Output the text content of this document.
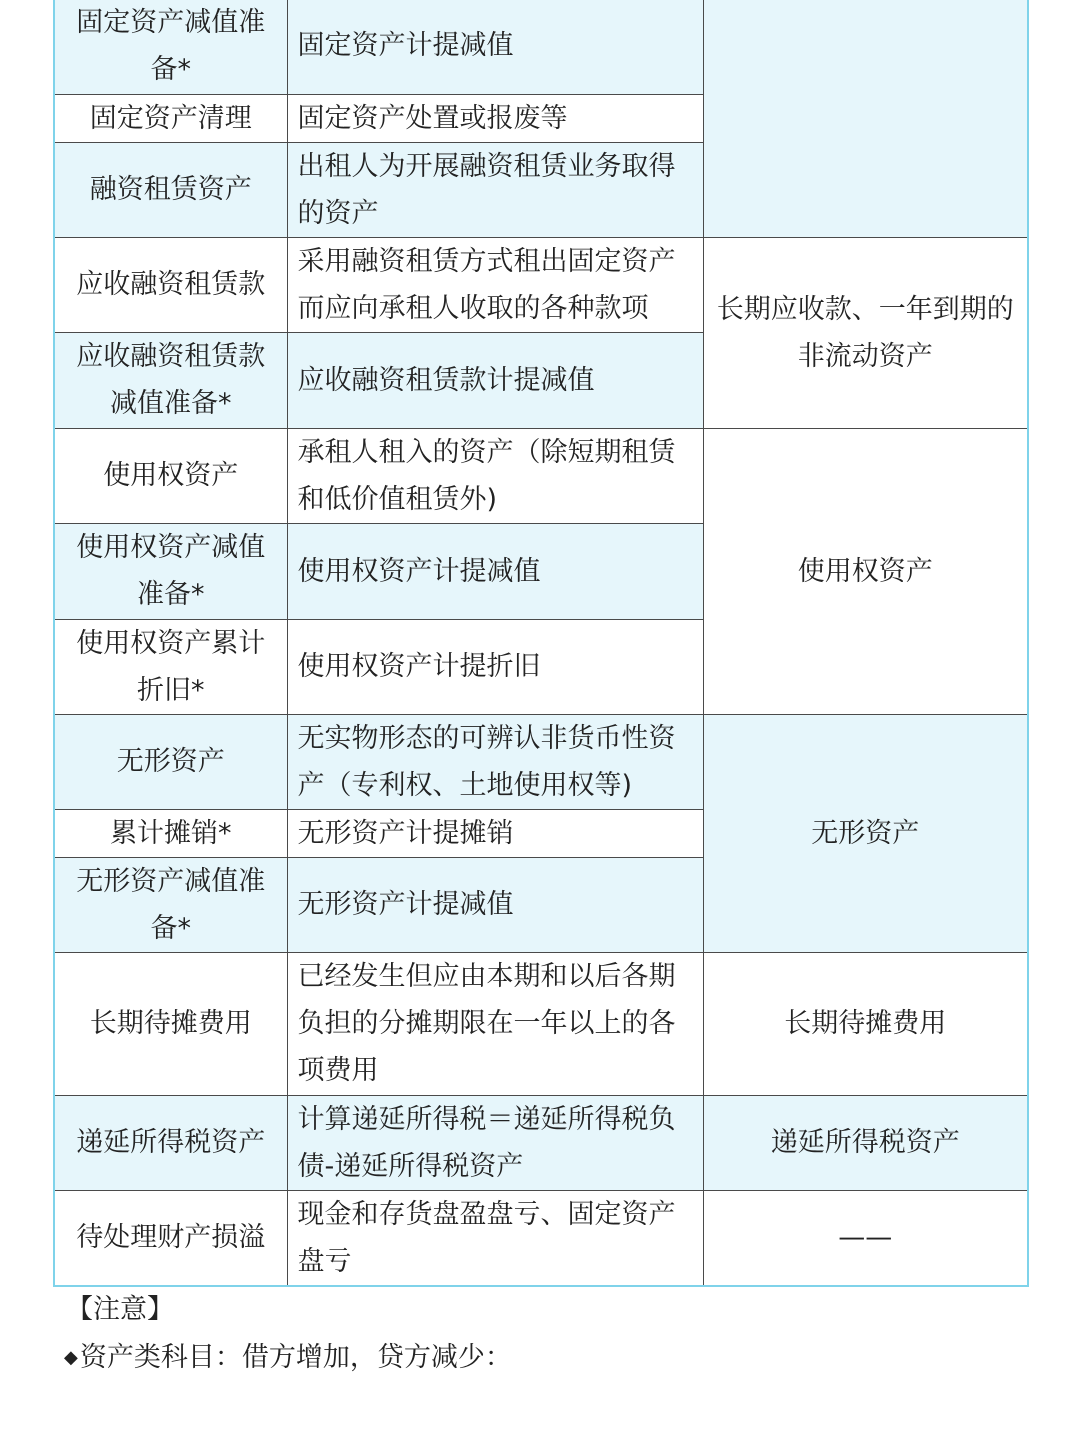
固定资产减值准备*	固定资产计提减值	
固定资产清理	固定资产处置或报废等	
融资租赁资产	出租人为开展融资租赁业务取得的资产	
应收融资租赁款	采用融资租赁方式租出固定资产而应向承租人收取的各种款项	长期应收款、一年到期的非流动资产
应收融资租赁款减值准备*	应收融资租赁款计提减值	
使用权资产	承租人租入的资产（除短期租赁和低价值租赁外)	使用权资产
使用权资产减值准备*	使用权资产计提减值	
使用权资产累计折旧*	使用权资产计提折旧	
无形资产	无实物形态的可辨认非货币性资产（专利权、土地使用权等)	无形资产
累计摊销*	无形资产计提摊销	
无形资产减值准备*	无形资产计提减值	
长期待摊费用	已经发生但应由本期和以后各期负担的分摊期限在一年以上的各项费用	长期待摊费用
递延所得税资产	计算递延所得税＝递延所得税负债-递延所得税资产	递延所得税资产
待处理财产损溢	现金和存货盘盈盘亏、固定资产盘亏	——
【注意】
◆资产类科目：借方增加，贷方减少：
